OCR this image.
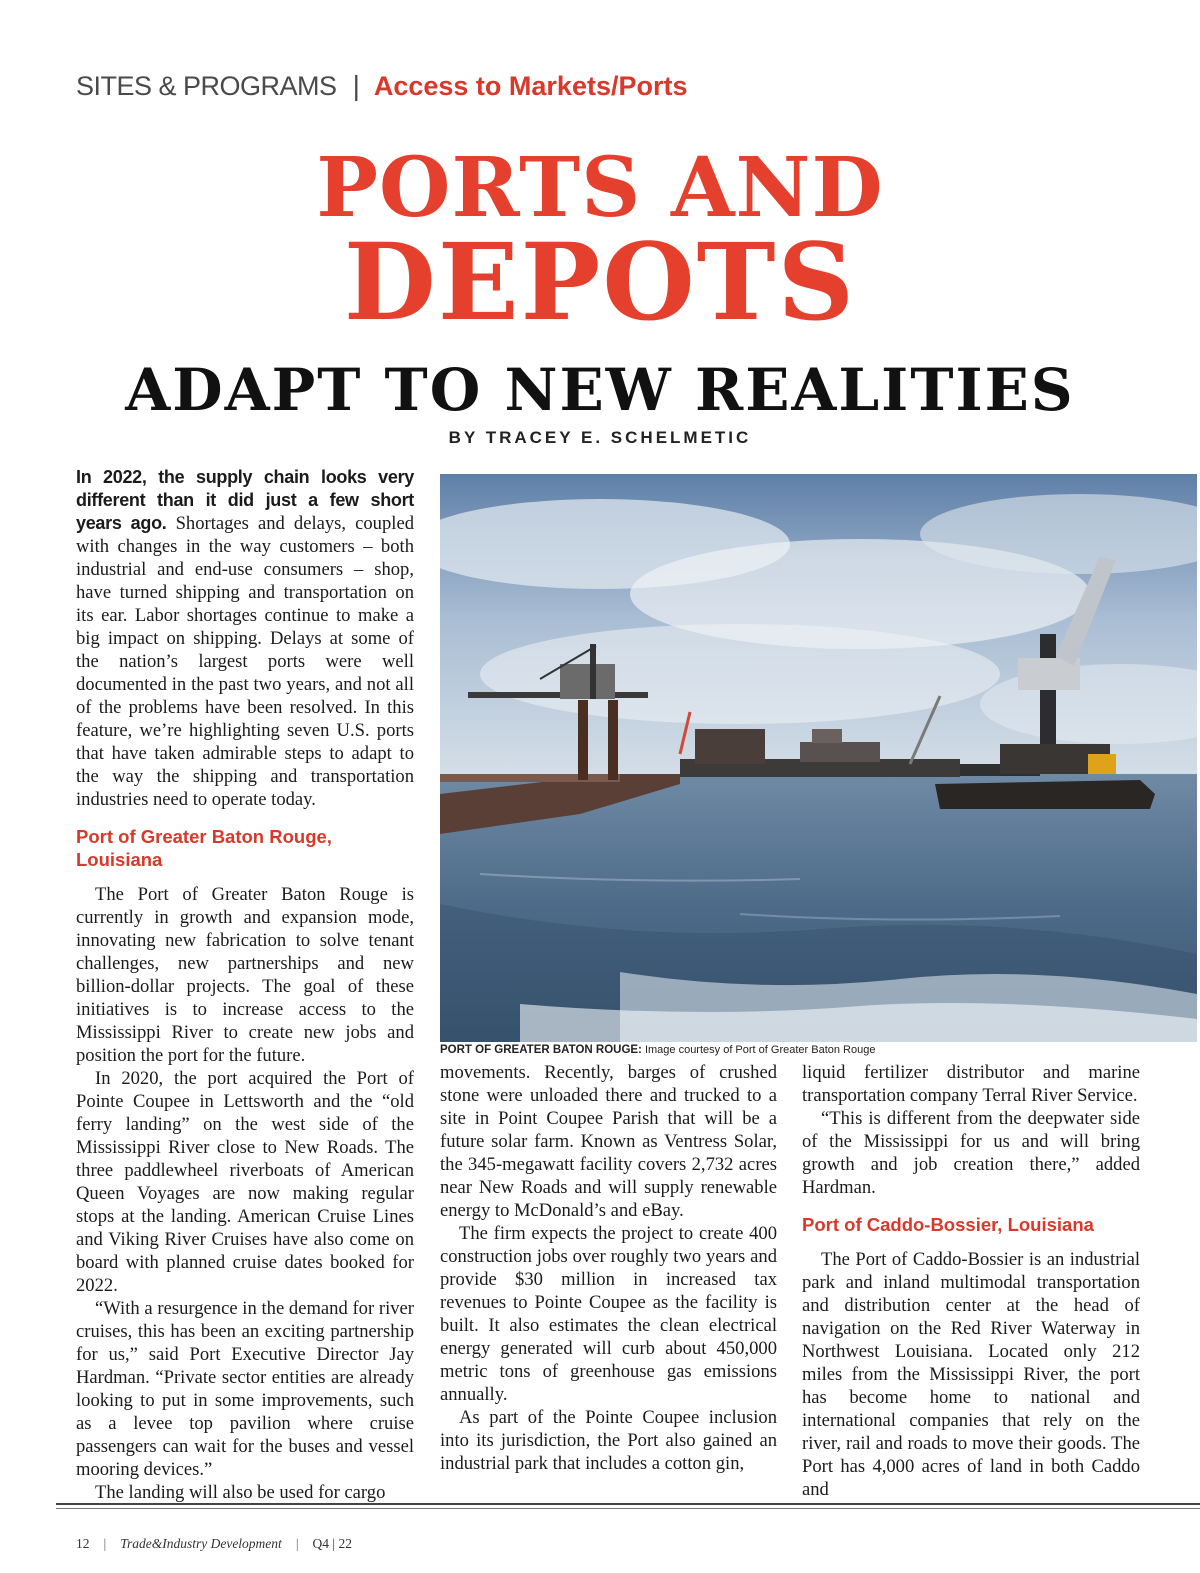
SITES & PROGRAMS | Access to Markets/Ports
PORTS AND
DEPOTS
ADAPT TO NEW REALITIES
BY TRACEY E. SCHELMETIC

In 2022, the supply chain looks very different than it did just a few short years ago. Shortages and delays, coupled with changes in the way customers – both industrial and end-use consumers – shop, have turned shipping and transportation on its ear. Labor shortages continue to make a big impact on shipping. Delays at some of the nation’s largest ports were well documented in the past two years, and not all of the problems have been resolved. In this feature, we’re highlighting seven U.S. ports that have taken admirable steps to adapt to the way the shipping and transportation industries need to operate today.

Port of Greater Baton Rouge, Louisiana

The Port of Greater Baton Rouge is currently in growth and expansion mode, innovating new fabrication to solve tenant challenges, new partnerships and new billion-dollar projects. The goal of these initiatives is to increase access to the Mississippi River to create new jobs and position the port for the future.

In 2020, the port acquired the Port of Pointe Coupee in Lettsworth and the “old ferry landing” on the west side of the Mississippi River close to New Roads. The three paddlewheel riverboats of American Queen Voyages are now making regular stops at the landing. American Cruise Lines and Viking River Cruises have also come on board with planned cruise dates booked for 2022.

“With a resurgence in the demand for river cruises, this has been an exciting partnership for us,” said Port Executive Director Jay Hardman. “Private sector entities are already looking to put in some improvements, such as a levee top pavilion where cruise passengers can wait for the buses and vessel mooring devices.”

The landing will also be used for cargo

PORT OF GREATER BATON ROUGE: Image courtesy of Port of Greater Baton Rouge

movements. Recently, barges of crushed stone were unloaded there and trucked to a site in Point Coupee Parish that will be a future solar farm. Known as Ventress Solar, the 345-megawatt facility covers 2,732 acres near New Roads and will supply renewable energy to McDonald’s and eBay.

The firm expects the project to create 400 construction jobs over roughly two years and provide $30 million in increased tax revenues to Pointe Coupee as the facility is built. It also estimates the clean electrical energy generated will curb about 450,000 metric tons of greenhouse gas emissions annually.

As part of the Pointe Coupee inclusion into its jurisdiction, the Port also gained an industrial park that includes a cotton gin,

liquid fertilizer distributor and marine transportation company Terral River Service.

“This is different from the deepwater side of the Mississippi for us and will bring growth and job creation there,” added Hardman.

Port of Caddo-Bossier, Louisiana

The Port of Caddo-Bossier is an industrial park and inland multimodal transportation and distribution center at the head of navigation on the Red River Waterway in Northwest Louisiana. Located only 212 miles from the Mississippi River, the port has become home to national and international companies that rely on the river, rail and roads to move their goods. The Port has 4,000 acres of land in both Caddo and

12 | Trade&Industry Development | Q4 | 22
